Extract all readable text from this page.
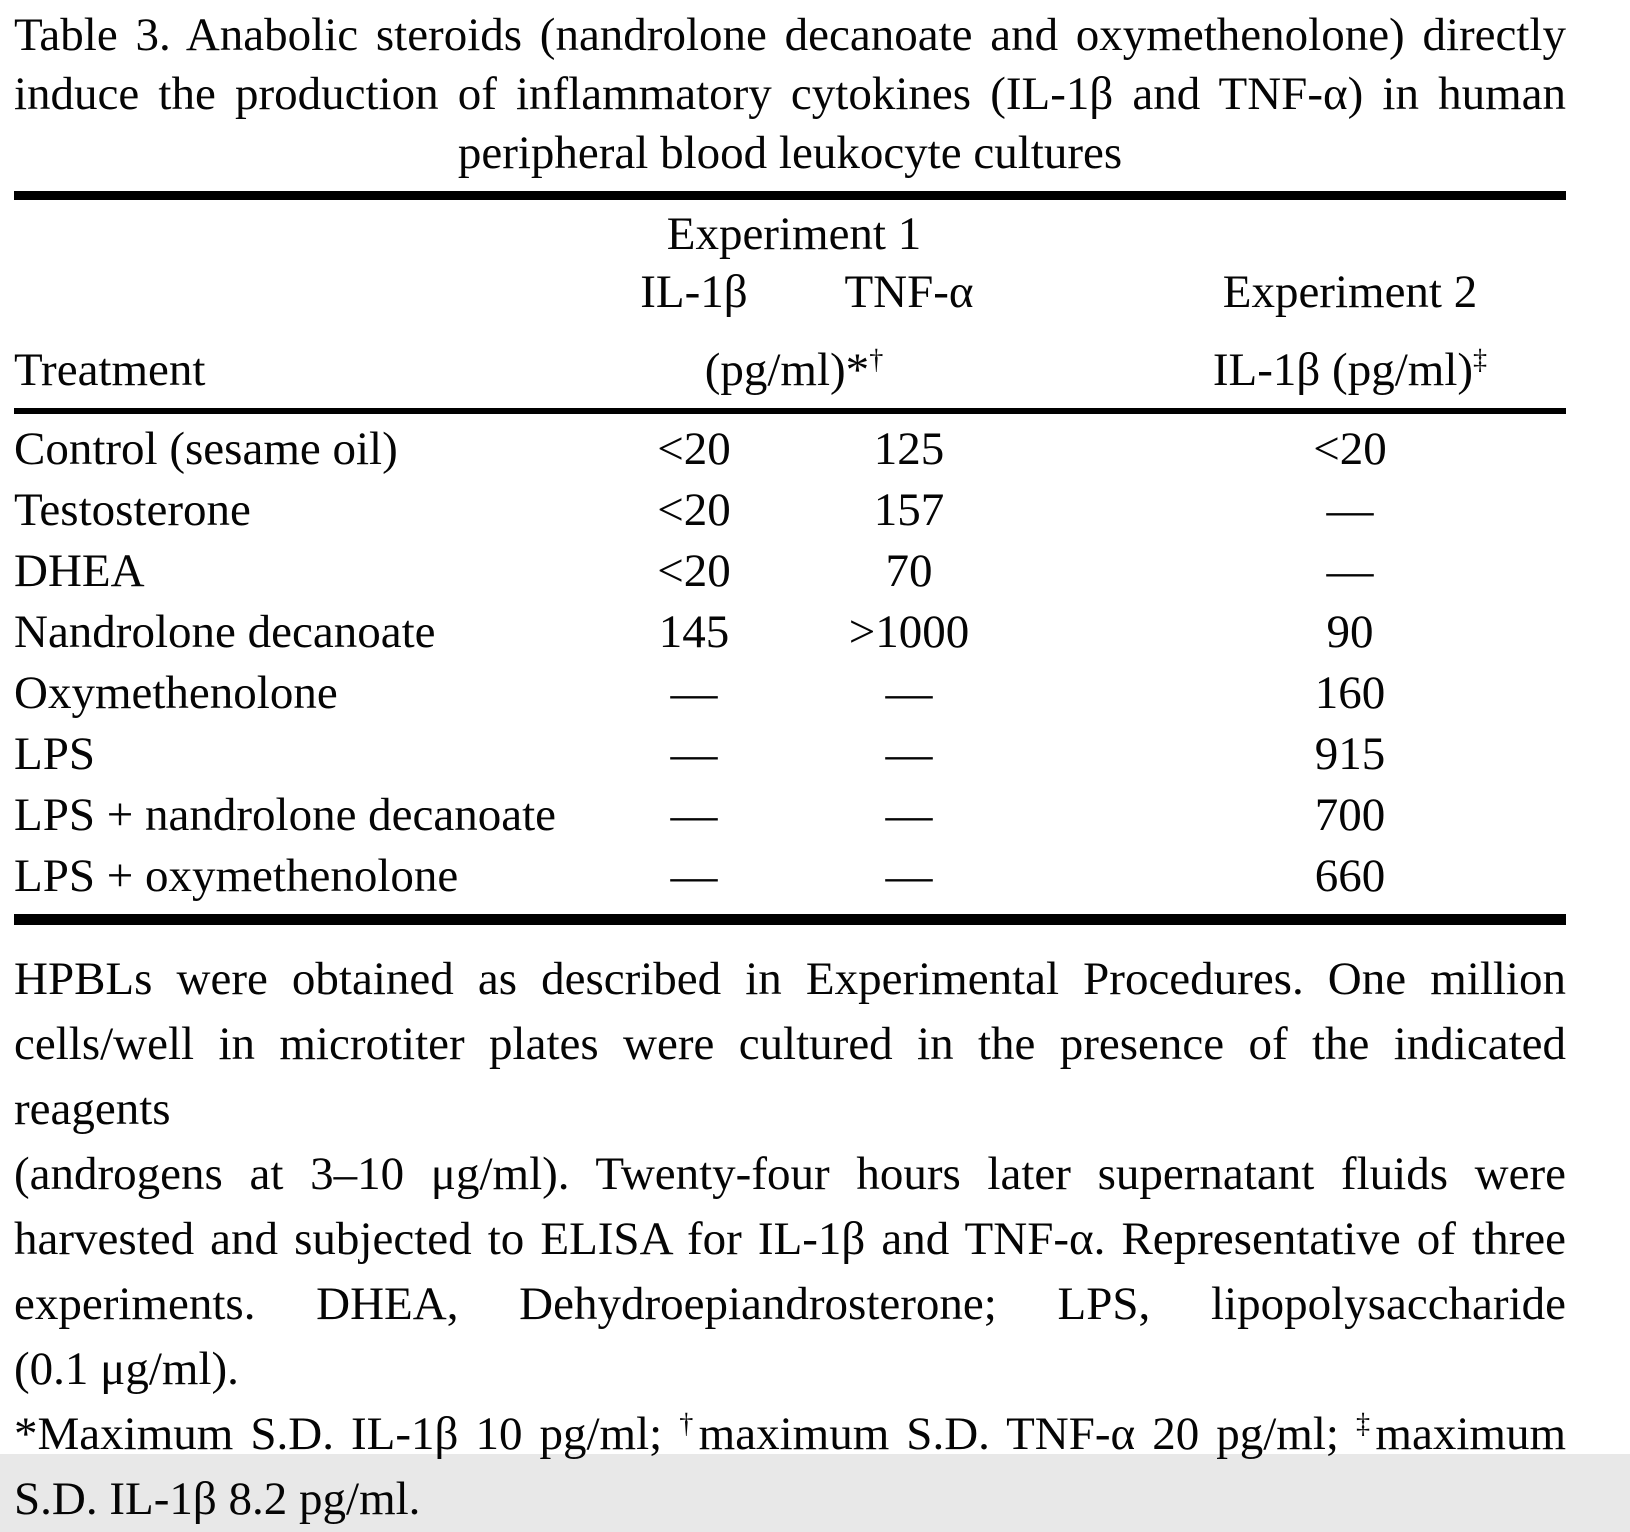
Table 3. Anabolic steroids (nandrolone decanoate and oxymethenolone) directly
induce the production of inflammatory cytokines (IL-1β and TNF-α) in human
peripheral blood leukocyte cultures
Experiment 1
IL-1β	TNF-α	Experiment 2
Treatment	(pg/ml)*†	IL-1β (pg/ml)‡
Control (sesame oil)	<20	125	<20
Testosterone	<20	157	—
DHEA	<20	70	—
Nandrolone decanoate	145	>1000	90
Oxymethenolone	—	—	160
LPS	—	—	915
LPS + nandrolone decanoate	—	—	700
LPS + oxymethenolone	—	—	660
HPBLs were obtained as described in Experimental Procedures. One million
cells/well in microtiter plates were cultured in the presence of the indicated reagents
(androgens at 3–10 μg/ml). Twenty-four hours later supernatant fluids were
harvested and subjected to ELISA for IL-1β and TNF-α. Representative of three
experiments. DHEA, Dehydroepiandrosterone; LPS, lipopolysaccharide
(0.1 μg/ml).
*Maximum S.D. IL-1β 10 pg/ml; †maximum S.D. TNF-α 20 pg/ml; ‡maximum
S.D. IL-1β 8.2 pg/ml.
